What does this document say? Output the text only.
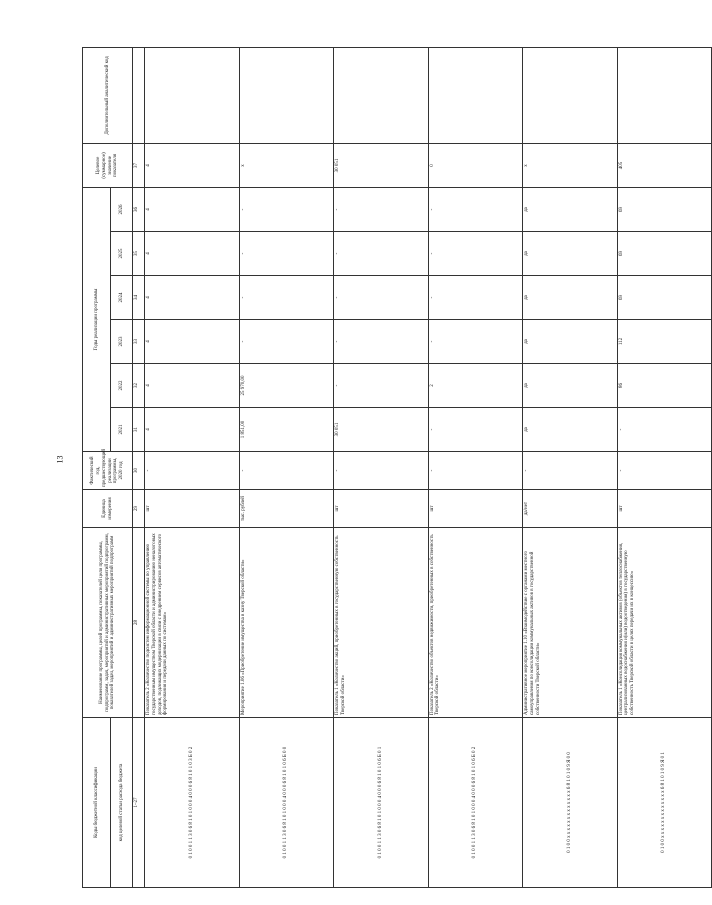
13
Коды бюджетной классификации	Наименование программы, целей программы, показателей цели программы, подпрограмм, задач, мероприятий и административных мероприятий подпрограмм, показателей задач, мероприятий и административных мероприятий подпрограмм	Единица измерения	Фактический год, предшествующий реализации программы, 2020 год	Годы реализации программы						Целевое (суммарное) значение показателя	Дополнительный аналитический код
код целевой статьи расхода бюджета				2021	2022	2023	2024	2025	2026		
1–27	28	29	30	31	32	33	34	35	36	37	
0 1 0 0 1 1 3 0 6 8 1 0 1 0 0 0 4 0 0 0 6 8 1 0 1 0 3 Б 0 2	Показатель 2 «Количество подсистем информационной системы по управлению государственным имуществом Тверской области и администрированию неналоговых доходов, подлежащих модернизации в связи с внедрением сервисов автоматического формирования и передачи данных по системам»	шт	-	4	4	4	4	4	4	4	
0 1 0 0 1 1 3 0 6 8 1 0 1 0 0 0 4 0 0 0 6 8 1 0 1 0 6 Б 0 0	Мероприятие 1.06 «Приобретение имущества в казну Тверской области»	тыс. рублей	-	1 851,00	25 970,00	-	-	-	-	х	
0 1 0 0 1 1 3 0 6 8 1 0 1 0 0 0 4 0 0 0 6 8 1 0 1 0 6 Б 0 1	Показатель 1 «Количество акций, приобретенных в государственную собственность Тверской области»	шт	-	30 051	-	-	-	-	-	30 051	
0 1 0 0 1 1 3 0 6 8 1 0 1 0 0 0 4 0 0 0 6 8 1 0 1 0 6 Б 0 2	Показатель 2 «Количество объектов недвижимости, приобретенных в собственность Тверской области»	шт	-	-	2	-	-	-	-	0	
0 1 0 0 х х х х х х х х х х х х х 6 8 1 0 1 0 9 Я 0 0	Административное мероприятие 1.10 «Взаимодействие с органами местного самоуправления по консолидации коммунальных активов в государственной собственности Тверской области»	да/нет	-	да	да	да	да	да	да	х	
0 1 0 0 х х х х х х х х х х х х х 6 8 1 0 1 0 9 Я 0 1	Показатель 1 «Консолидация коммунальных активов (объектов теплоснабжения, централизованных водоснабжения и(или) водоотведения) в государственную собственность Тверской области в целях передачи их в концессию»	шт	-	-	86	112	69	69	69	405	
